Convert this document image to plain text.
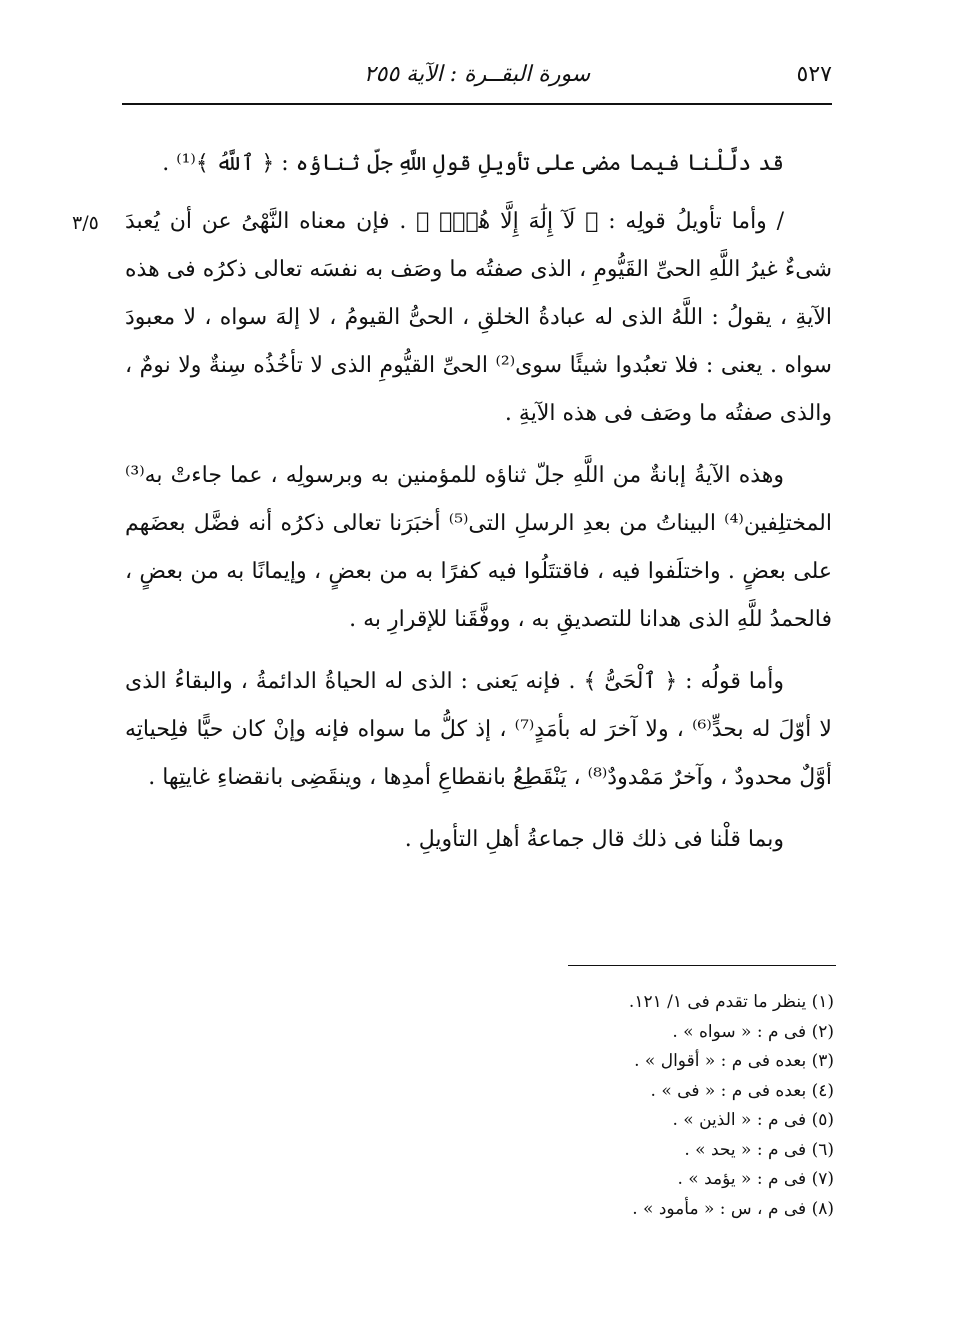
سورة البقــرة : الآية ٢٥٥	٥٢٧
٣/٥

قد دلَّلْنا فيما مضى على تأويلِ قولِ اللَّهِ جلّ ثناؤه : ﴿ ٱللَّهُ ﴾⁽¹⁾ .

/ وأما تأويلُ قولِه : ﴿ لَآ إِلَٰهَ إِلَّا هُوَۚ ﴾ . فإن معناه النَّهْىُ عن أن يُعبدَ شىءٌ غيرُ اللَّهِ الحىِّ القَيُّومِ ، الذى صفتُه ما وصَف به نفسَه تعالى ذكرُه فى هذه الآيةِ ، يقولُ : اللَّهُ الذى له عبادةُ الخلقِ ، الحىُّ القيومُ ، لا إلهَ سواه ، لا معبودَ سواه . يعنى : فلا تعبُدوا شيئًا سوى⁽²⁾ الحىِّ القيُّومِ الذى لا تأخُذُه سِنةٌ ولا نومٌ ، والذى صفتُه ما وصَف فى هذه الآيةِ .

وهذه الآيةُ إبانةٌ من اللَّهِ جلّ ثناؤه للمؤمنين به وبرسولِه ، عما جاءتْ به⁽³⁾ المختلِفين⁽⁴⁾ البيناتُ من بعدِ الرسلِ التى⁽⁵⁾ أخبَرَنا تعالى ذكرُه أنه فضَّل بعضَهم على بعضٍ . واختلَفوا فيه ، فاقتتَلُوا فيه كفرًا به من بعضٍ ، وإيمانًا به من بعضٍ ، فالحمدُ للَّهِ الذى هدانا للتصديقِ به ، ووفَّقَنا للإقرارِ به .

وأما قولُه : ﴿ ٱلْحَىُّ ﴾ . فإنه يَعنى : الذى له الحياةُ الدائمةُ ، والبقاءُ الذى لا أوّلَ له بحدٍّ⁽⁶⁾ ، ولا آخرَ له بأمَدٍ⁽⁷⁾ ، إذ كلُّ ما سواه فإنه وإنْ كان حيًّا فلِحياتِه أوَّلٌ محدودٌ ، وآخرٌ مَمْدودٌ⁽⁸⁾ ، يَنْقَطِعُ بانقطاعِ أمدِها ، وينقَضِى بانقضاءِ غايتِها .

وبما قلْنا فى ذلك قال جماعةُ أهلِ التأويلِ .

(١) ينظر ما تقدم فى ١/ ١٢١.

(٢) فى م : « سواه » .

(٣) بعده فى م : « أقوال » .

(٤) بعده فى م : « فى » .

(٥) فى م : « الذين » .

(٦) فى م : « يحد » .

(٧) فى م : « يؤمد » .

(٨) فى م ، س : « مأمود » .
